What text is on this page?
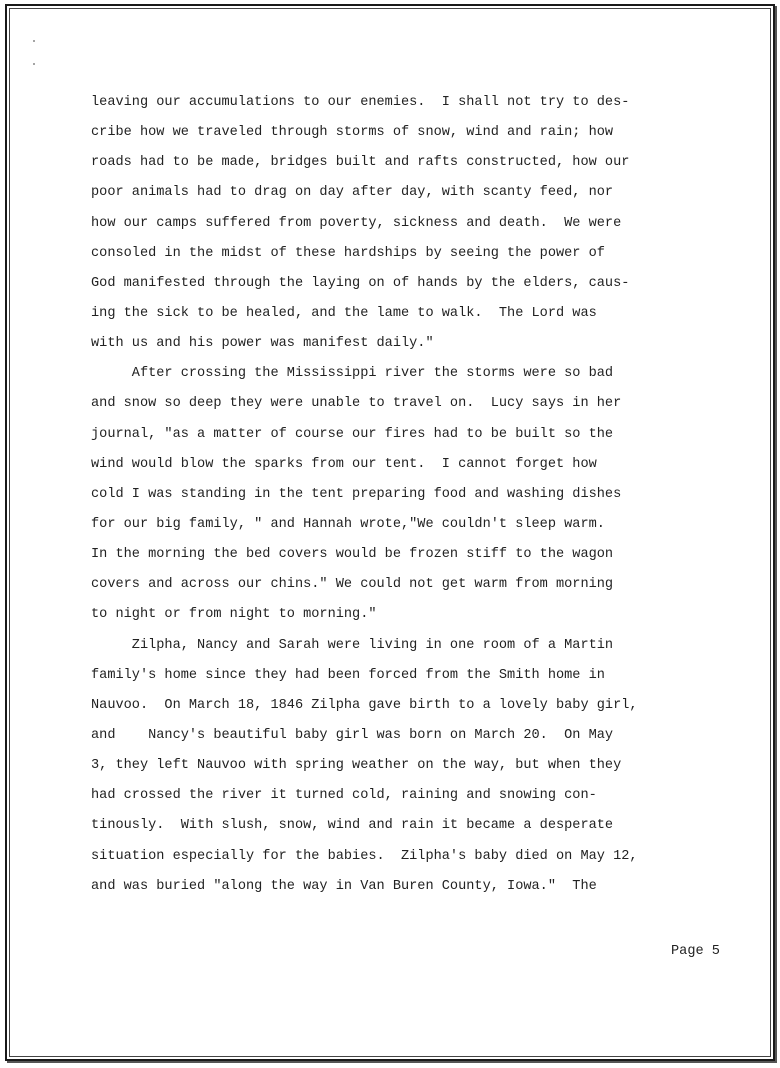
leaving our accumulations to our enemies.  I shall not try to des-
cribe how we traveled through storms of snow, wind and rain; how
roads had to be made, bridges built and rafts constructed, how our
poor animals had to drag on day after day, with scanty feed, nor
how our camps suffered from poverty, sickness and death.  We were
consoled in the midst of these hardships by seeing the power of
God manifested through the laying on of hands by the elders, caus-
ing the sick to be healed, and the lame to walk.  The Lord was
with us and his power was manifest daily."
After crossing the Mississippi river the storms were so bad
and snow so deep they were unable to travel on.  Lucy says in her
journal, "as a matter of course our fires had to be built so the
wind would blow the sparks from our tent.  I cannot forget how
cold I was standing in the tent preparing food and washing dishes
for our big family, " and Hannah wrote,"We couldn't sleep warm.
In the morning the bed covers would be frozen stiff to the wagon
covers and across our chins." We could not get warm from morning
to night or from night to morning."
Zilpha, Nancy and Sarah were living in one room of a Martin
family's home since they had been forced from the Smith home in
Nauvoo.  On March 18, 1846 Zilpha gave birth to a lovely baby girl,
and    Nancy's beautiful baby girl was born on March 20.  On May
3, they left Nauvoo with spring weather on the way, but when they
had crossed the river it turned cold, raining and snowing con-
tinously.  With slush, snow, wind and rain it became a desperate
situation especially for the babies.  Zilpha's baby died on May 12,
and was buried "along the way in Van Buren County, Iowa."  The
Page 5
